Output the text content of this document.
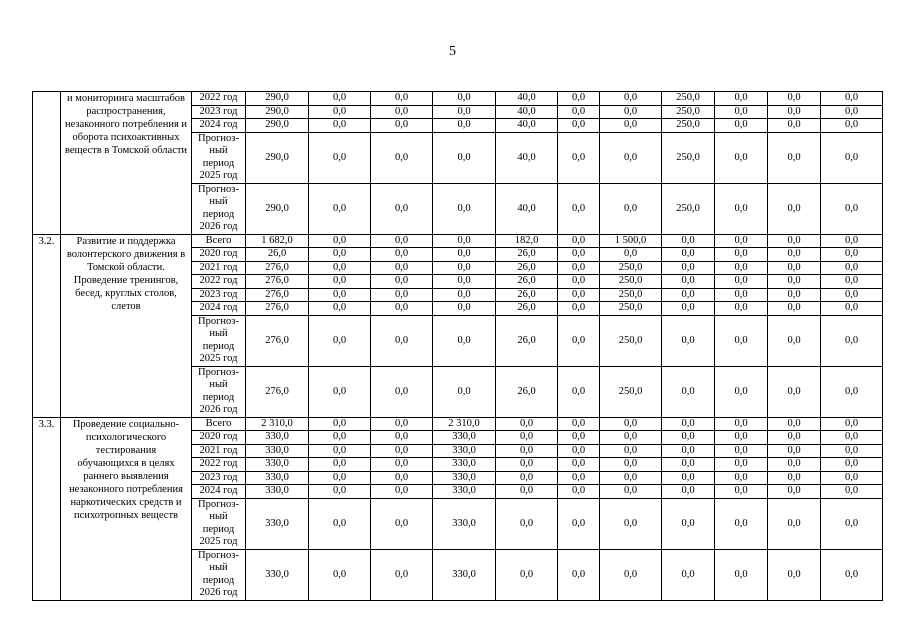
5
	и мониторинга масштабов распространения, незаконного потребления и оборота психоактивных веществ в Томской области	2022 год	290,0	0,0	0,0	0,0	40,0	0,0	0,0	250,0	0,0	0,0	0,0
		2023 год	290,0	0,0	0,0	0,0	40,0	0,0	0,0	250,0	0,0	0,0	0,0
		2024 год	290,0	0,0	0,0	0,0	40,0	0,0	0,0	250,0	0,0	0,0	0,0
		Прогноз-
ный
период
2025 год	290,0	0,0	0,0	0,0	40,0	0,0	0,0	250,0	0,0	0,0	0,0
		Прогноз-
ный
период
2026 год	290,0	0,0	0,0	0,0	40,0	0,0	0,0	250,0	0,0	0,0	0,0
3.2.	Развитие и поддержка волонтерского движения в Томской области. Проведение тренингов, бесед, круглых столов, слетов	Всего	1 682,0	0,0	0,0	0,0	182,0	0,0	1 500,0	0,0	0,0	0,0	0,0
		2020 год	26,0	0,0	0,0	0,0	26,0	0,0	0,0	0,0	0,0	0,0	0,0
		2021 год	276,0	0,0	0,0	0,0	26,0	0,0	250,0	0,0	0,0	0,0	0,0
		2022 год	276,0	0,0	0,0	0,0	26,0	0,0	250,0	0,0	0,0	0,0	0,0
		2023 год	276,0	0,0	0,0	0,0	26,0	0,0	250,0	0,0	0,0	0,0	0,0
		2024 год	276,0	0,0	0,0	0,0	26,0	0,0	250,0	0,0	0,0	0,0	0,0
		Прогноз-
ный
период
2025 год	276,0	0,0	0,0	0,0	26,0	0,0	250,0	0,0	0,0	0,0	0,0
		Прогноз-
ный
период
2026 год	276,0	0,0	0,0	0,0	26,0	0,0	250,0	0,0	0,0	0,0	0,0
3.3.	Проведение социально-психологического тестирования обучающихся в целях раннего выявления незаконного потребления наркотических средств и психотропных веществ	Всего	2 310,0	0,0	0,0	2 310,0	0,0	0,0	0,0	0,0	0,0	0,0	0,0
		2020 год	330,0	0,0	0,0	330,0	0,0	0,0	0,0	0,0	0,0	0,0	0,0
		2021 год	330,0	0,0	0,0	330,0	0,0	0,0	0,0	0,0	0,0	0,0	0,0
		2022 год	330,0	0,0	0,0	330,0	0,0	0,0	0,0	0,0	0,0	0,0	0,0
		2023 год	330,0	0,0	0,0	330,0	0,0	0,0	0,0	0,0	0,0	0,0	0,0
		2024 год	330,0	0,0	0,0	330,0	0,0	0,0	0,0	0,0	0,0	0,0	0,0
		Прогноз-
ный
период
2025 год	330,0	0,0	0,0	330,0	0,0	0,0	0,0	0,0	0,0	0,0	0,0
		Прогноз-
ный
период
2026 год	330,0	0,0	0,0	330,0	0,0	0,0	0,0	0,0	0,0	0,0	0,0
